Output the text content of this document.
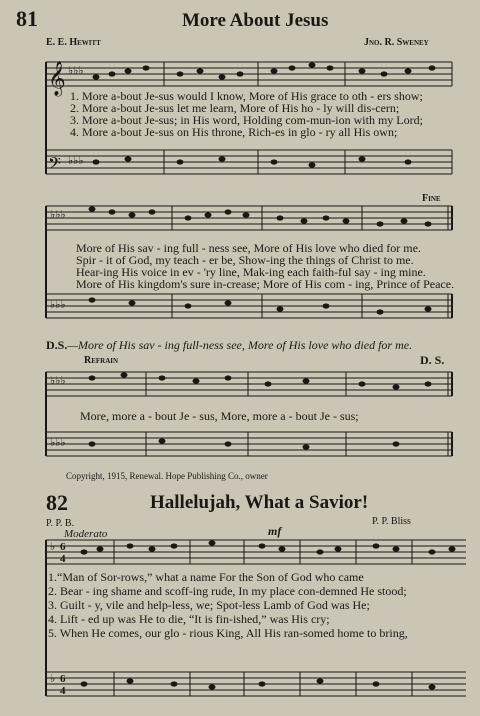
81	More About Jesus
E. E. Hewitt	Jno. R. Sweney
𝄞
𝄢
♭♭♭
♭♭♭
1. More a-bout Je-sus would I know, More of His grace to oth - ers show;
2. More a-bout Je-sus let me learn, More of His ho - ly will dis-cern;
3. More a-bout Je-sus; in His word, Holding com-mun-ion with my Lord;
4. More a-bout Je-sus on His throne, Rich-es in glo - ry all His own;
Fine
♭♭♭
♭♭♭
More of His sav - ing full - ness see, More of His love who died for me.
Spir - it of God, my teach - er be, Show-ing the things of Christ to me.
Hear-ing His voice in ev - 'ry line, Mak-ing each faith-ful say - ing mine.
More of His kingdom's sure in-crease; More of His com - ing, Prince of Peace.
D.S.—More of His sav - ing full-ness see, More of His love who died for me.
Refrain	D. S.
♭♭♭
♭♭♭
More, more a - bout Je - sus, More, more a - bout Je - sus;
Copyright, 1915, Renewal. Hope Publishing Co., owner
82	Hallelujah, What a Savior!
P. P. B.	P. P. Bliss
Moderato	mf
♭ 6
4
♭ 6
4
1.“Man of Sor-rows,” what a name For the Son of God who came
2. Bear - ing shame and scoff-ing rude, In my place con-demned He stood;
3. Guilt - y, vile and help-less, we; Spot-less Lamb of God was He;
4. Lift - ed up was He to die, “It is fin-ished,” was His cry;
5. When He comes, our glo - rious King, All His ran-somed home to bring,
